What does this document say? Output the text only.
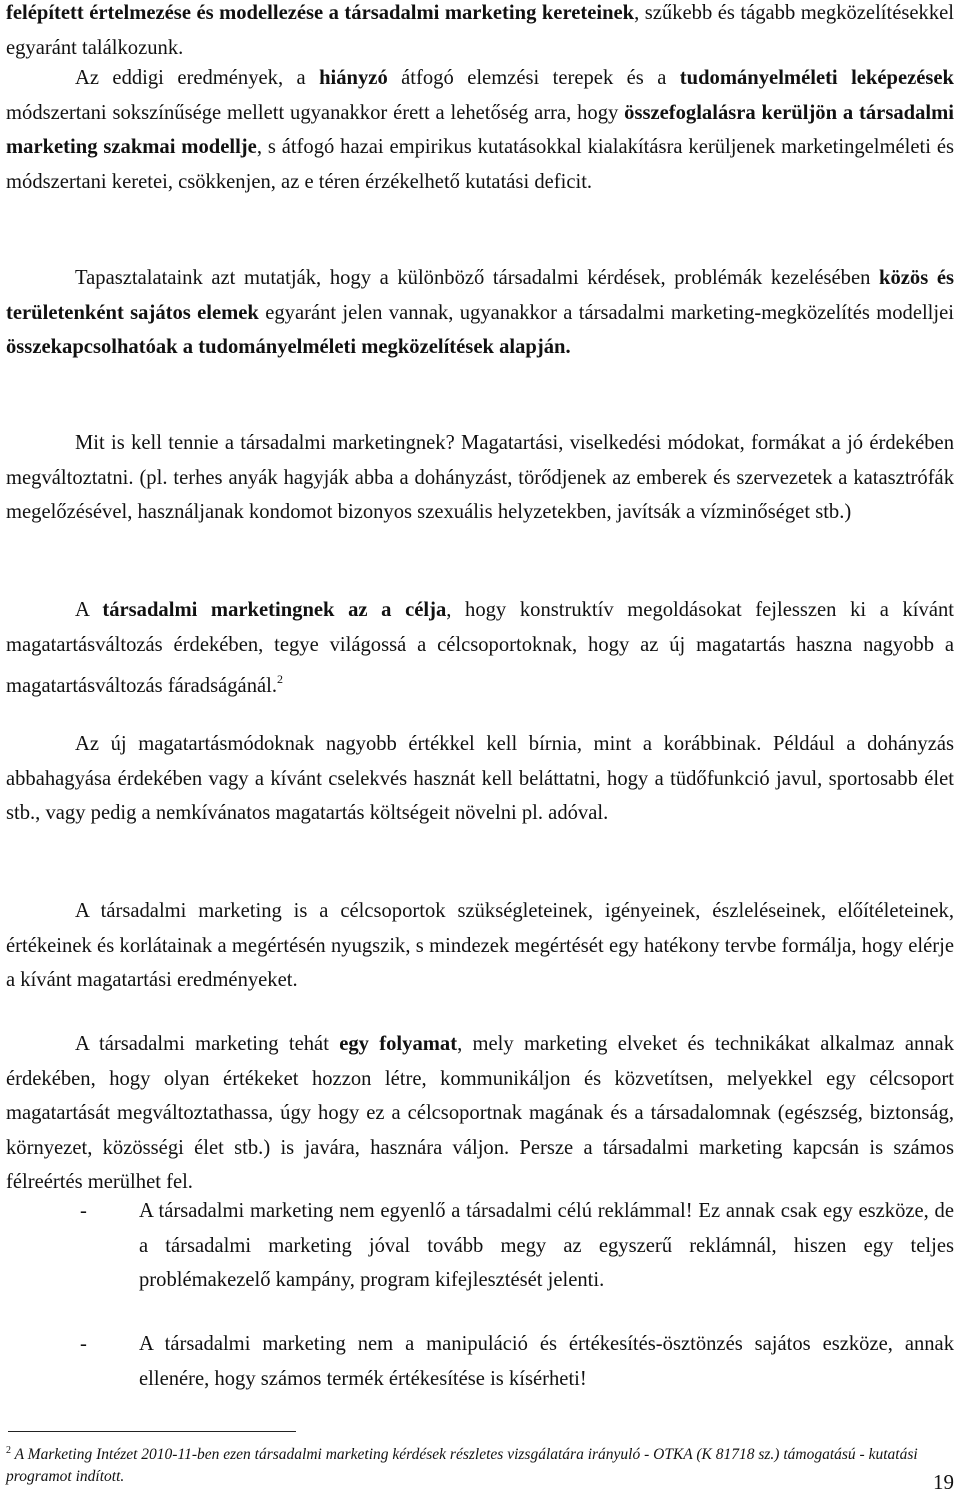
felépített értelmezése és modellezése a társadalmi marketing kereteinek, szűkebb és tágabb megközelítésekkel egyaránt találkozunk.

Az eddigi eredmények, a hiányzó átfogó elemzési terepek és a tudományelméleti leképezések módszertani sokszínűsége mellett ugyanakkor érett a lehetőség arra, hogy összefoglalásra kerüljön a társadalmi marketing szakmai modellje, s átfogó hazai empirikus kutatásokkal kialakításra kerüljenek marketingelméleti és módszertani keretei, csökkenjen, az e téren érzékelhető kutatási deficit.

Tapasztalataink azt mutatják, hogy a különböző társadalmi kérdések, problémák kezelésében közös és területenként sajátos elemek egyaránt jelen vannak, ugyanakkor a társadalmi marketing-megközelítés modelljei összekapcsolhatóak a tudományelméleti megközelítések alapján.

Mit is kell tennie a társadalmi marketingnek? Magatartási, viselkedési módokat, formákat a jó érdekében megváltoztatni. (pl. terhes anyák hagyják abba a dohányzást, törődjenek az emberek és szervezetek a katasztrófák megelőzésével, használjanak kondomot bizonyos szexuális helyzetekben, javítsák a vízminőséget stb.)

A társadalmi marketingnek az a célja, hogy konstruktív megoldásokat fejlesszen ki a kívánt magatartásváltozás érdekében, tegye világossá a célcsoportoknak, hogy az új magatartás haszna nagyobb a magatartásváltozás fáradságánál.$^2$

Az új magatartásmódoknak nagyobb értékkel kell bírnia, mint a korábbinak. Például a dohányzás abbahagyása érdekében vagy a kívánt cselekvés hasznát kell beláttatni, hogy a tüdőfunkció javul, sportosabb élet stb., vagy pedig a nemkívánatos magatartás költségeit növelni pl. adóval.

A társadalmi marketing is a célcsoportok szükségleteinek, igényeinek, észleléseinek, előítéleteinek, értékeinek és korlátainak a megértésén nyugszik, s mindezek megértését egy hatékony tervbe formálja, hogy elérje a kívánt magatartási eredményeket.

A társadalmi marketing tehát egy folyamat, mely marketing elveket és technikákat alkalmaz annak érdekében, hogy olyan értékeket hozzon létre, kommunikáljon és közvetítsen, melyekkel egy célcsoport magatartását megváltoztathassa, úgy hogy ez a célcsoportnak magának és a társadalomnak (egészség, biztonság, környezet, közösségi élet stb.) is javára, hasznára váljon. Persze a társadalmi marketing kapcsán is számos félreértés merülhet fel.

-	A társadalmi marketing nem egyenlő a társadalmi célú reklámmal! Ez annak csak egy eszköze, de a társadalmi marketing jóval tovább megy az egyszerű reklámnál, hiszen egy teljes problémakezelő kampány, program kifejlesztését jelenti.
-	A társadalmi marketing nem a manipuláció és értékesítés-ösztönzés sajátos eszköze, annak ellenére, hogy számos termék értékesítése is kísérheti!

$^2$ A Marketing Intézet 2010-11-ben ezen társadalmi marketing kérdések részletes vizsgálatára irányuló - OTKA (K 81718 sz.) támogatású - kutatási programot indított.	19
